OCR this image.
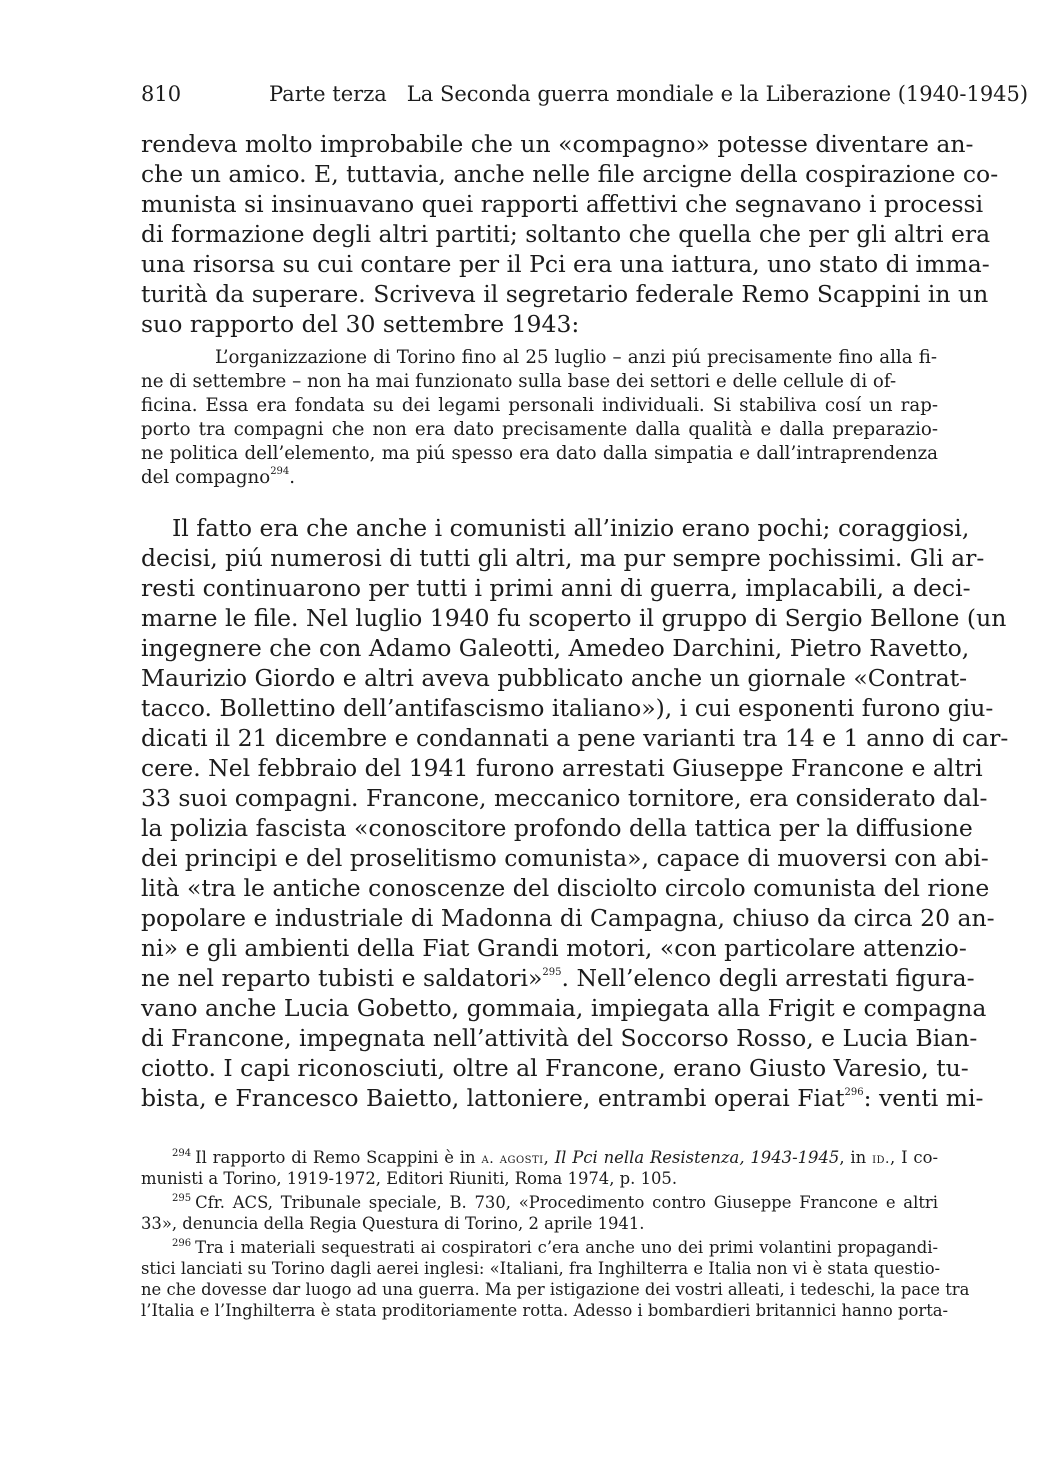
810	Parte terza   La Seconda guerra mondiale e la Liberazione (1940-1945)
rendeva molto improbabile che un «compagno» potesse diventare an-
che un amico. E, tuttavia, anche nelle file arcigne della cospirazione co-
munista si insinuavano quei rapporti affettivi che segnavano i processi
di formazione degli altri partiti; soltanto che quella che per gli altri era
una risorsa su cui contare per il Pci era una iattura, uno stato di imma-
turità da superare. Scriveva il segretario federale Remo Scappini in un
suo rapporto del 30 settembre 1943:
L’organizzazione di Torino fino al 25 luglio – anzi piú precisamente fino alla fi-
ne di settembre – non ha mai funzionato sulla base dei settori e delle cellule di of-
ficina. Essa era fondata su dei legami personali individuali. Si stabiliva cosí un rap-
porto tra compagni che non era dato precisamente dalla qualità e dalla preparazio-
ne politica dell’elemento, ma piú spesso era dato dalla simpatia e dall’intraprendenza
del compagno$^{294}$.
Il fatto era che anche i comunisti all’inizio erano pochi; coraggiosi,
decisi, piú numerosi di tutti gli altri, ma pur sempre pochissimi. Gli ar-
resti continuarono per tutti i primi anni di guerra, implacabili, a deci-
marne le file. Nel luglio 1940 fu scoperto il gruppo di Sergio Bellone (un
ingegnere che con Adamo Galeotti, Amedeo Darchini, Pietro Ravetto,
Maurizio Giordo e altri aveva pubblicato anche un giornale «Contrat-
tacco. Bollettino dell’antifascismo italiano»), i cui esponenti furono giu-
dicati il 21 dicembre e condannati a pene varianti tra 14 e 1 anno di car-
cere. Nel febbraio del 1941 furono arrestati Giuseppe Francone e altri
33 suoi compagni. Francone, meccanico tornitore, era considerato dal-
la polizia fascista «conoscitore profondo della tattica per la diffusione
dei principi e del proselitismo comunista», capace di muoversi con abi-
lità «tra le antiche conoscenze del disciolto circolo comunista del rione
popolare e industriale di Madonna di Campagna, chiuso da circa 20 an-
ni» e gli ambienti della Fiat Grandi motori, «con particolare attenzio-
ne nel reparto tubisti e saldatori»$^{295}$. Nell’elenco degli arrestati figura-
vano anche Lucia Gobetto, gommaia, impiegata alla Frigit e compagna
di Francone, impegnata nell’attività del Soccorso Rosso, e Lucia Bian-
ciotto. I capi riconosciuti, oltre al Francone, erano Giusto Varesio, tu-
bista, e Francesco Baietto, lattoniere, entrambi operai Fiat$^{296}$: venti mi-
$^{294}$ Il rapporto di Remo Scappini è in a. agosti, Il Pci nella Resistenza, 1943-1945, in id., I co-
munisti a Torino, 1919-1972, Editori Riuniti, Roma 1974, p. 105.
$^{295}$ Cfr. ACS, Tribunale speciale, B. 730, «Procedimento contro Giuseppe Francone e altri
33», denuncia della Regia Questura di Torino, 2 aprile 1941.
$^{296}$ Tra i materiali sequestrati ai cospiratori c’era anche uno dei primi volantini propagandi-
stici lanciati su Torino dagli aerei inglesi: «Italiani, fra Inghilterra e Italia non vi è stata questio-
ne che dovesse dar luogo ad una guerra. Ma per istigazione dei vostri alleati, i tedeschi, la pace tra
l’Italia e l’Inghilterra è stata proditoriamente rotta. Adesso i bombardieri britannici hanno porta-
